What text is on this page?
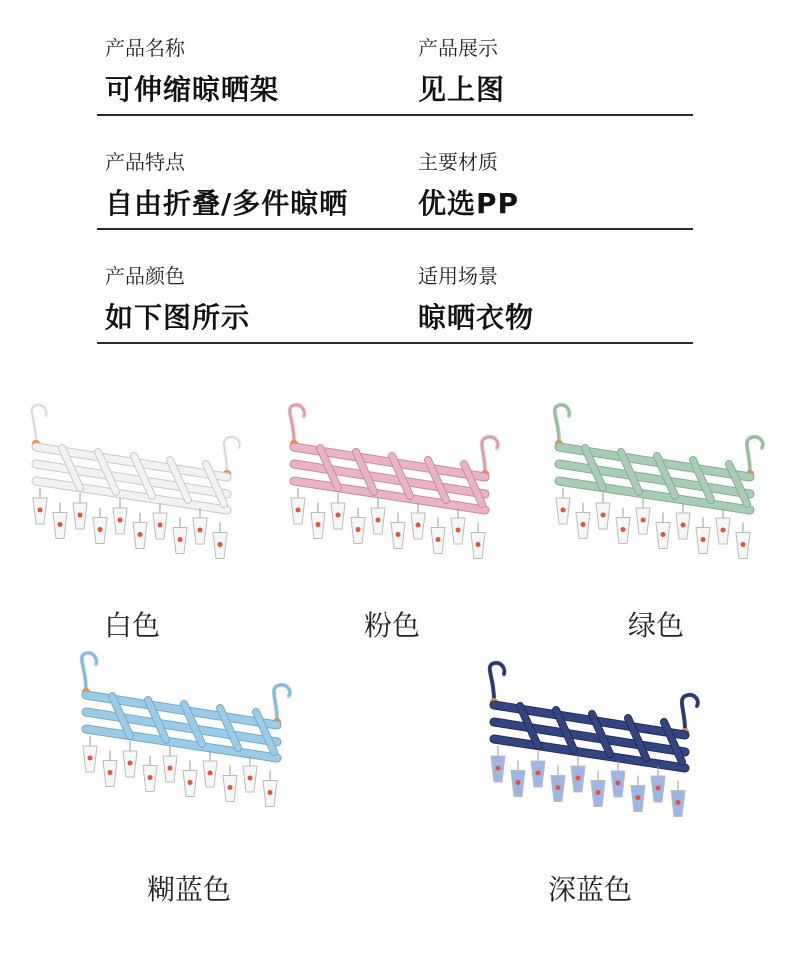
产品名称
可伸缩晾晒架
产品展示
见上图
产品特点
自由折叠/多件晾晒
主要材质
优选PP
产品颜色
如下图所示
适用场景
晾晒衣物
白色	粉色	绿色
糊蓝色	深蓝色
